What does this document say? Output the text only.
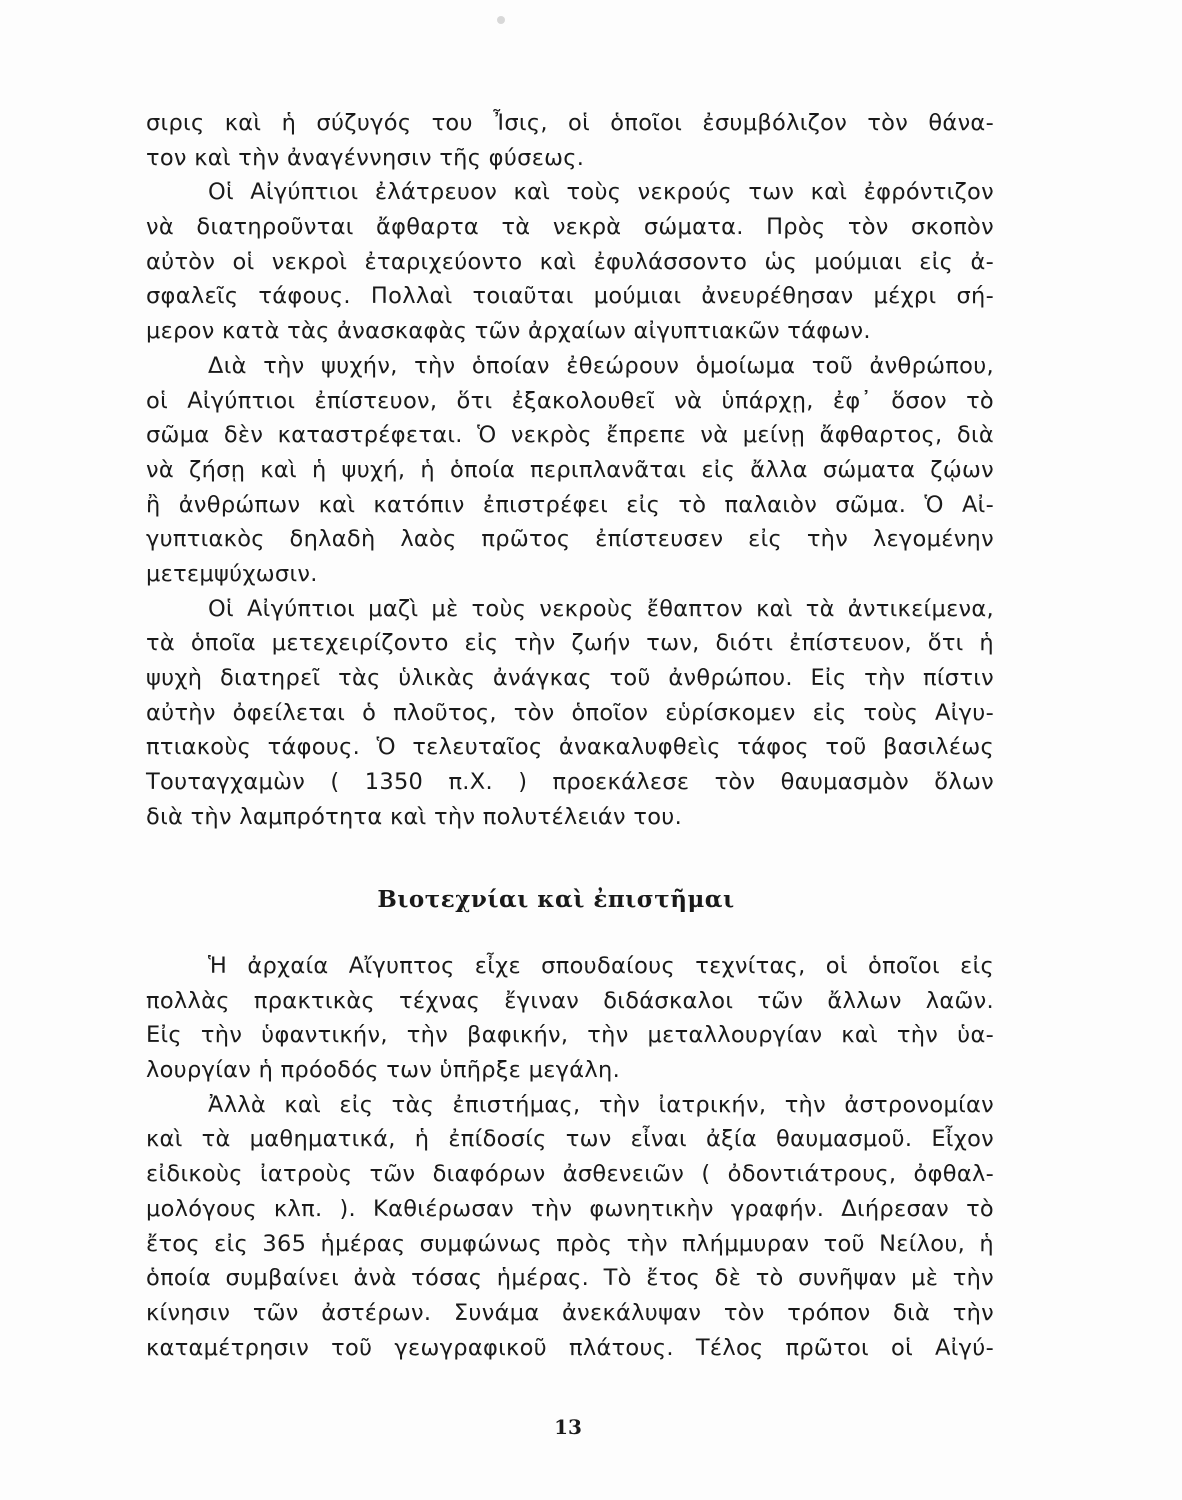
σιρις καὶ ἡ σύζυγός του Ἶσις, οἱ ὁποῖοι ἐσυμβόλιζον τὸν θάνα-
τον καὶ τὴν ἀναγέννησιν τῆς φύσεως.
Οἱ Αἰγύπτιοι ἐλάτρευον καὶ τοὺς νεκρούς των καὶ ἐφρόντιζον
νὰ διατηροῦνται ἄφθαρτα τὰ νεκρὰ σώματα. Πρὸς τὸν σκοπὸν
αὐτὸν οἱ νεκροὶ ἐταριχεύοντο καὶ ἐφυλάσσοντο ὡς μούμιαι εἰς ἀ-
σφαλεῖς τάφους. Πολλαὶ τοιαῦται μούμιαι ἀνευρέθησαν μέχρι σή-
μερον κατὰ τὰς ἀνασκαφὰς τῶν ἀρχαίων αἰγυπτιακῶν τάφων.
Διὰ τὴν ψυχήν, τὴν ὁποίαν ἐθεώρουν ὁμοίωμα τοῦ ἀνθρώπου,
οἱ Αἰγύπτιοι ἐπίστευον, ὅτι ἐξακολουθεῖ νὰ ὑπάρχῃ, ἐφ᾽ ὅσον τὸ
σῶμα δὲν καταστρέφεται. Ὁ νεκρὸς ἔπρεπε νὰ μείνῃ ἄφθαρτος, διὰ
νὰ ζήσῃ καὶ ἡ ψυχή, ἡ ὁποία περιπλανᾶται εἰς ἄλλα σώματα ζῴων
ἢ ἀνθρώπων καὶ κατόπιν ἐπιστρέφει εἰς τὸ παλαιὸν σῶμα. Ὁ Αἰ-
γυπτιακὸς δηλαδὴ λαὸς πρῶτος ἐπίστευσεν εἰς τὴν λεγομένην
μετεμψύχωσιν.
Οἱ Αἰγύπτιοι μαζὶ μὲ τοὺς νεκροὺς ἔθαπτον καὶ τὰ ἀντικείμενα,
τὰ ὁποῖα μετεχειρίζοντο εἰς τὴν ζωήν των, διότι ἐπίστευον, ὅτι ἡ
ψυχὴ διατηρεῖ τὰς ὑλικὰς ἀνάγκας τοῦ ἀνθρώπου. Εἰς τὴν πίστιν
αὐτὴν ὀφείλεται ὁ πλοῦτος, τὸν ὁποῖον εὑρίσκομεν εἰς τοὺς Αἰγυ-
πτιακοὺς τάφους. Ὁ τελευταῖος ἀνακαλυφθεὶς τάφος τοῦ βασιλέως
Τουταγχαμὼν ( 1350 π.Χ. ) προεκάλεσε τὸν θαυμασμὸν ὅλων
διὰ τὴν λαμπρότητα καὶ τὴν πολυτέλειάν του.
Βιοτεχνίαι καὶ ἐπιστῆμαι
Ἡ ἀρχαία Αἴγυπτος εἶχε σπουδαίους τεχνίτας, οἱ ὁποῖοι εἰς
πολλὰς πρακτικὰς τέχνας ἔγιναν διδάσκαλοι τῶν ἄλλων λαῶν.
Εἰς τὴν ὑφαντικήν, τὴν βαφικήν, τὴν μεταλλουργίαν καὶ τὴν ὑα-
λουργίαν ἡ πρόοδός των ὑπῆρξε μεγάλη.
Ἀλλὰ καὶ εἰς τὰς ἐπιστήμας, τὴν ἰατρικήν, τὴν ἀστρονομίαν
καὶ τὰ μαθηματικά, ἡ ἐπίδοσίς των εἶναι ἀξία θαυμασμοῦ. Εἶχον
εἰδικοὺς ἰατροὺς τῶν διαφόρων ἀσθενειῶν ( ὀδοντιάτρους, ὀφθαλ-
μολόγους κλπ. ). Καθιέρωσαν τὴν φωνητικὴν γραφήν. Διήρεσαν τὸ
ἔτος εἰς 365 ἡμέρας συμφώνως πρὸς τὴν πλήμμυραν τοῦ Νείλου, ἡ
ὁποία συμβαίνει ἀνὰ τόσας ἡμέρας. Τὸ ἔτος δὲ τὸ συνῆψαν μὲ τὴν
κίνησιν τῶν ἀστέρων. Συνάμα ἀνεκάλυψαν τὸν τρόπον διὰ τὴν
καταμέτρησιν τοῦ γεωγραφικοῦ πλάτους. Τέλος πρῶτοι οἱ Αἰγύ-
13
